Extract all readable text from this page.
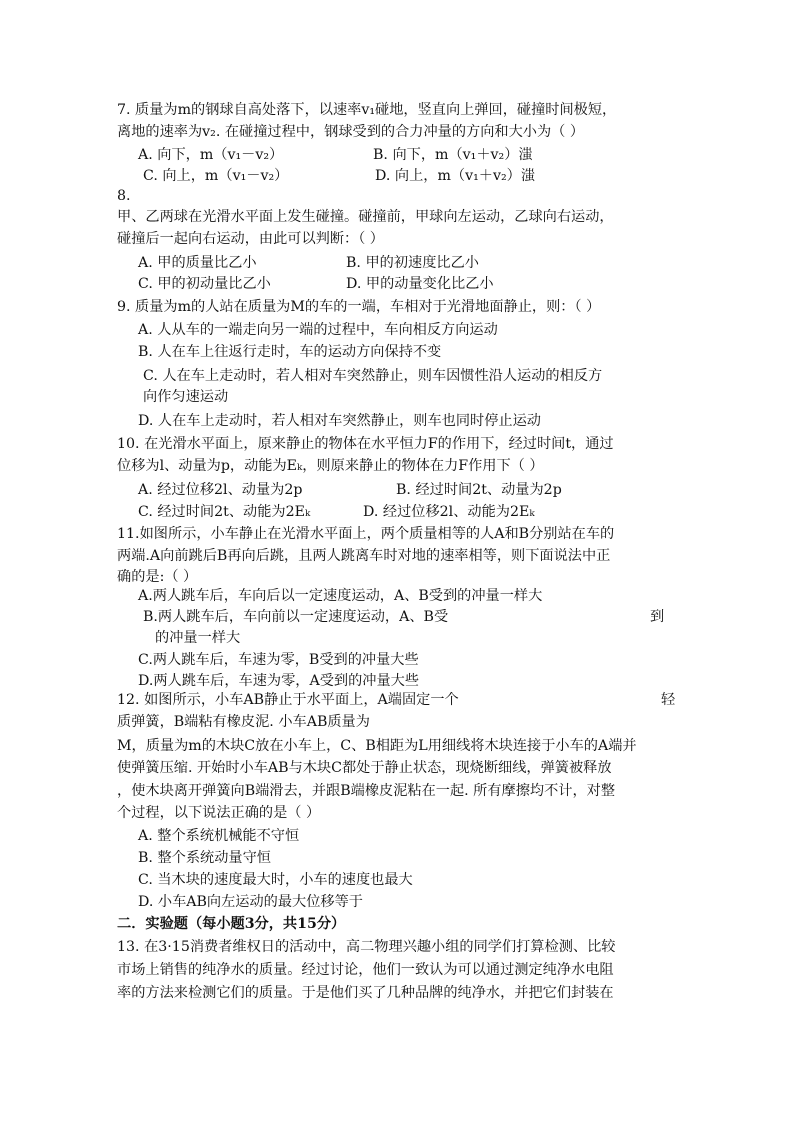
7. 质量为m的钢球自高处落下，以速率v₁碰地，竖直向上弹回，碰撞时间极短，
离地的速率为v₂. 在碰撞过程中，钢球受到的合力冲量的方向和大小为（ ）
A. 向下，m（v₁－v₂）	B. 向下，m（v₁＋v₂）滍
C. 向上，m（v₁－v₂）	D. 向上，m（v₁＋v₂）滍
8.
甲、乙两球在光滑水平面上发生碰撞。碰撞前，甲球向左运动，乙球向右运动，
碰撞后一起向右运动，由此可以判断：（ ）
A. 甲的质量比乙小	B. 甲的初速度比乙小
C. 甲的初动量比乙小	D. 甲的动量变化比乙小
9. 质量为m的人站在质量为M的车的一端，车相对于光滑地面静止，则：（ ）
A. 人从车的一端走向另一端的过程中，车向相反方向运动
B. 人在车上往返行走时，车的运动方向保持不变
C. 人在车上走动时，若人相对车突然静止，则车因惯性沿人运动的相反方
向作匀速运动
D. 人在车上走动时，若人相对车突然静止，则车也同时停止运动
10. 在光滑水平面上，原来静止的物体在水平恒力F的作用下，经过时间t，通过
位移为l、动量为p，动能为Eₖ，则原来静止的物体在力F作用下（ ）
A. 经过位移2l、动量为2p	B. 经过时间2t、动量为2p
C. 经过时间2t、动能为2Eₖ	D. 经过位移2l、动能为2Eₖ
11.如图所示，小车静止在光滑水平面上，两个质量相等的人A和B分别站在车的
两端.A向前跳后B再向后跳，且两人跳离车时对地的速率相等，则下面说法中正
确的是:（ ）
A.两人跳车后，车向后以一定速度运动，A、B受到的冲量一样大
B.两人跳车后，车向前以一定速度运动，A、B受	到
的冲量一样大
C.两人跳车后，车速为零，B受到的冲量大些
D.两人跳车后，车速为零，A受到的冲量大些
12. 如图所示，小车AB静止于水平面上，A端固定一个	轻
质弹簧，B端粘有橡皮泥. 小车AB质量为
M，质量为m的木块C放在小车上，C、B相距为L用细线将木块连接于小车的A端并
使弹簧压缩. 开始时小车AB与木块C都处于静止状态，现烧断细线，弹簧被释放
，使木块离开弹簧向B端滑去，并跟B端橡皮泥粘在一起. 所有摩擦均不计，对整
个过程，以下说法正确的是（ ）
A. 整个系统机械能不守恒
B. 整个系统动量守恒
C. 当木块的速度最大时，小车的速度也最大
D. 小车AB向左运动的最大位移等于
二．实验题（每小题3分，共15分）
13. 在3·15消费者维权日的活动中，高二物理兴趣小组的同学们打算检测、比较
市场上销售的纯净水的质量。经过讨论，他们一致认为可以通过测定纯净水电阻
率的方法来检测它们的质量。于是他们买了几种品牌的纯净水，并把它们封装在
